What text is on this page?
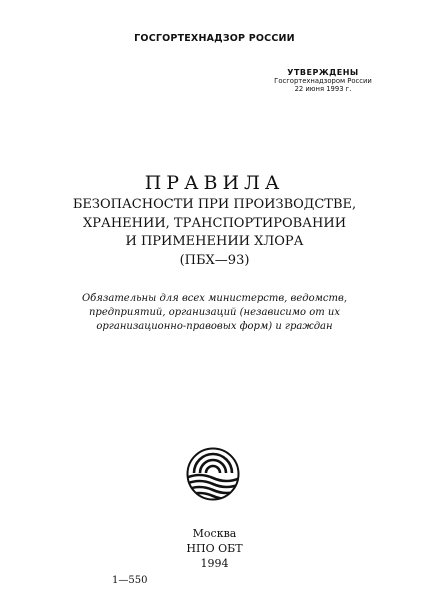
ГОСГОРТЕХНАДЗОР РОССИИ
УТВЕРЖДЕНЫ
Госгортехнадзором России
22 июня 1993 г.
ПРАВИЛА
БЕЗОПАСНОСТИ ПРИ ПРОИЗВОДСТВЕ,
ХРАНЕНИИ, ТРАНСПОРТИРОВАНИИ
И ПРИМЕНЕНИИ ХЛОРА
(ПБХ—93)
Обязательны для всех министерств, ведомств,
предприятий, организаций (независимо от их
организационно-правовых форм) и граждан
Москва
НПО ОБТ
1994
1—550
